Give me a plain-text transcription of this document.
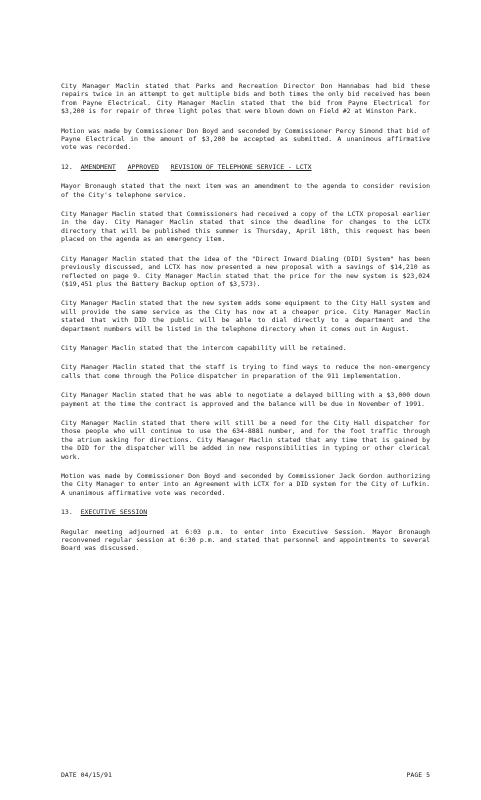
City Manager Maclin stated that Parks and Recreation Director Don Hannabas had bid these repairs twice in an attempt to get multiple bids and both times the only bid received has been from Payne Electrical. City Manager Maclin stated that the bid from Payne Electrical for $3,200 is for repair of three light poles that were blown down on Field #2 at Winston Park.

Motion was made by Commissioner Don Boyd and seconded by Commissioner Percy Simond that bid of Payne Electrical in the amount of $3,200 be accepted as submitted. A unanimous affirmative vote was recorded.

12. AMENDMENT APPROVED REVISION OF TELEPHONE SERVICE - LCTX

Mayor Bronaugh stated that the next item was an amendment to the agenda to consider revision of the City's telephone service.

City Manager Maclin stated that Commissioners had received a copy of the LCTX proposal earlier in the day. City Manager Maclin stated that since the deadline for changes to the LCTX directory that will be published this summer is Thursday, April 18th, this request has been placed on the agenda as an emergency item.

City Manager Maclin stated that the idea of the "Direct Inward Dialing (DID) System" has been previously discussed, and LCTX has now presented a new proposal with a savings of $14,210 as reflected on page 9. City Manager Maclin stated that the price for the new system is $23,024 ($19,451 plus the Battery Backup option of $3,573).

City Manager Maclin stated that the new system adds some equipment to the City Hall system and will provide the same service as the City has now at a cheaper price. City Manager Maclin stated that with DID the public will be able to dial directly to a department and the department numbers will be listed in the telephone directory when it comes out in August.

City Manager Maclin stated that the intercom capability will be retained.

City Manager Maclin stated that the staff is trying to find ways to reduce the non-emergency calls that come through the Police dispatcher in preparation of the 911 implementation.

City Manager Maclin stated that he was able to negotiate a delayed billing with a $3,000 down payment at the time the contract is approved and the balance will be due in November of 1991.

City Manager Maclin stated that there will still be a need for the City Hall dispatcher for those people who will continue to use the 634-8881 number, and for the foot traffic through the atrium asking for directions. City Manager Maclin stated that any time that is gained by the DID for the dispatcher will be added in new responsibilities in typing or other clerical work.

Motion was made by Commissioner Don Boyd and seconded by Commissioner Jack Gordon authorizing the City Manager to enter into an Agreement with LCTX for a DID system for the City of Lufkin. A unanimous affirmative vote was recorded.

13. EXECUTIVE SESSION

Regular meeting adjourned at 6:03 p.m. to enter into Executive Session. Mayor Bronaugh reconvened regular session at 6:30 p.m. and stated that personnel and appointments to several Board was discussed.

DATE 04/15/91	PAGE 5
